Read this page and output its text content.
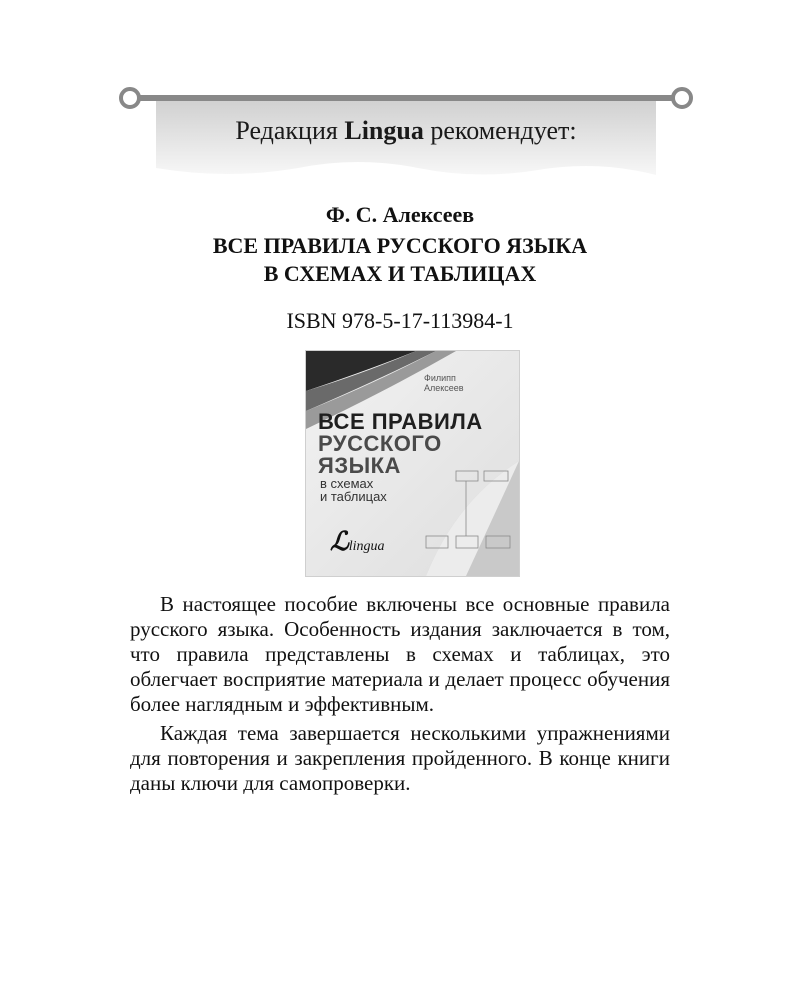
Редакция Lingua рекомендует:
Ф. С. Алексеев
ВСЕ ПРАВИЛА РУССКОГО ЯЗЫКА
В СХЕМАХ И ТАБЛИЦАХ
ISBN 978-5-17-113984-1
Филипп
Алексеев
ВСЕ ПРАВИЛА
РУССКОГО
ЯЗЫКА
в схемах
и таблицах
ℒlingua

В настоящее пособие включены все основные правила русского языка. Особенность издания заключается в том, что правила представлены в схемах и таблицах, это облегчает восприятие материала и делает процесс обучения более наглядным и эффективным.

Каждая тема завершается несколькими упражнениями для повторения и закрепления пройденного. В конце книги даны ключи для самопроверки.
